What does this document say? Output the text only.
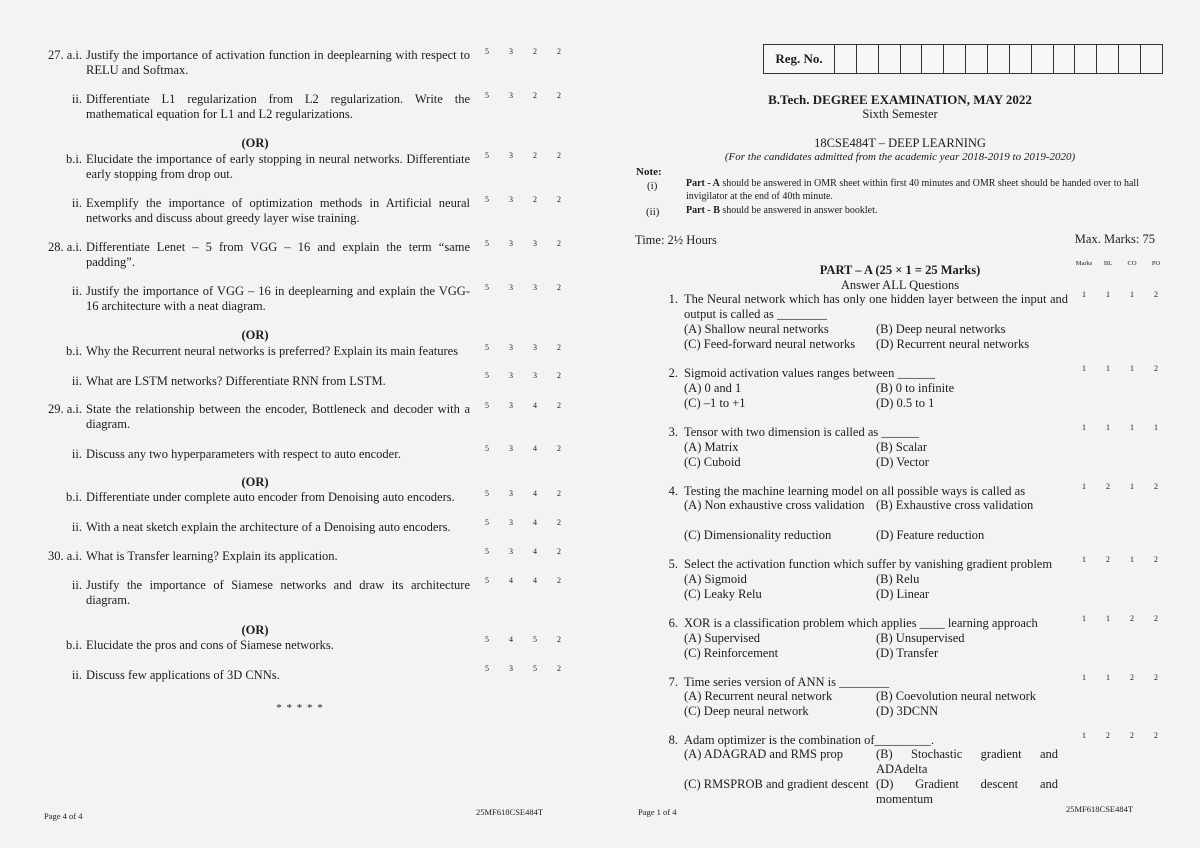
27. a.i. Justify the importance of activation function in deeplearning with respect to RELU and Softmax.
5	3	2	2
ii. Differentiate L1 regularization from L2 regularization. Write the mathematical equation for L1 and L2 regularizations.
5	3	2	2
(OR)
b.i. Elucidate the importance of early stopping in neural networks. Differentiate early stopping from drop out.
5	3	2	2
ii. Exemplify the importance of optimization methods in Artificial neural networks and discuss about greedy layer wise training.
5	3	2	2
28. a.i. Differentiate Lenet – 5 from VGG – 16 and explain the term “same padding”.
5	3	3	2
ii. Justify the importance of VGG – 16 in deeplearning and explain the VGG-16 architecture with a neat diagram.
5	3	3	2
(OR)
b.i. Why the Recurrent neural networks is preferred? Explain its main features	5	3	3	2
ii. What are LSTM networks? Differentiate RNN from LSTM.	5	3	3	2
29. a.i. State the relationship between the encoder, Bottleneck and decoder with a diagram.
5	3	4	2
ii. Discuss any two hyperparameters with respect to auto encoder.	5	3	4	2
(OR)
b.i. Differentiate under complete auto encoder from Denoising auto encoders.	5	3	4	2
ii. With a neat sketch explain the architecture of a Denoising auto encoders.	5	3	4	2
30. a.i. What is Transfer learning? Explain its application.	5	3	4	2
ii. Justify the importance of Siamese networks and draw its architecture diagram.
5	4	4	2
(OR)
b.i. Elucidate the pros and cons of Siamese networks.	5	4	5	2
ii. Discuss few applications of 3D CNNs.	5	3	5	2
* * * * *
Page 4 of 4	25MF618CSE484T
Reg. No.
B.Tech. DEGREE EXAMINATION, MAY 2022
Sixth Semester
18CSE484T – DEEP LEARNING
(For the candidates admitted from the academic year 2018-2019 to 2019-2020)
Note:
(i)	Part - A should be answered in OMR sheet within first 40 minutes and OMR sheet should be handed over to hall invigilator at the end of 40th minute.
(ii)	Part - B should be answered in answer booklet.
Time: 2½ Hours	Max. Marks: 75
PART – A (25 × 1 = 25 Marks)
Answer ALL Questions
Marks	BL	CO	PO
1. The Neural network which has only one hidden layer between the input and output is called as ________
(A) Shallow neural networks	(B) Deep neural networks
(C) Feed-forward neural networks	(D) Recurrent neural networks
1	1	1	2
2. Sigmoid activation values ranges between ______
(A) 0 and 1	(B) 0 to infinite
(C) –1 to +1	(D) 0.5 to 1
1	1	1	2
3. Tensor with two dimension is called as ______
(A) Matrix	(B) Scalar
(C) Cuboid	(D) Vector
1	1	1	1
4. Testing the machine learning model on all possible ways is called as
(A) Non exhaustive cross validation (B) Exhaustive cross validation
(C) Dimensionality reduction	(D) Feature reduction
1	2	1	2
5. Select the activation function which suffer by vanishing gradient problem
(A) Sigmoid	(B) Relu
(C) Leaky Relu	(D) Linear
1	2	1	2
6. XOR is a classification problem which applies ____ learning approach
(A) Supervised	(B) Unsupervised
(C) Reinforcement	(D) Transfer
1	1	2	2
7. Time series version of ANN is ________
(A) Recurrent neural network	(B) Coevolution neural network
(C) Deep neural network	(D) 3DCNN
1	1	2	2
8. Adam optimizer is the combination of_________.
(A) ADAGRAD and RMS prop	(B) Stochastic gradient and ADAdelta
(C) RMSPROB and gradient descent (D) Gradient descent and momentum
1	2	2	2
Page 1 of 4	25MF618CSE484T
